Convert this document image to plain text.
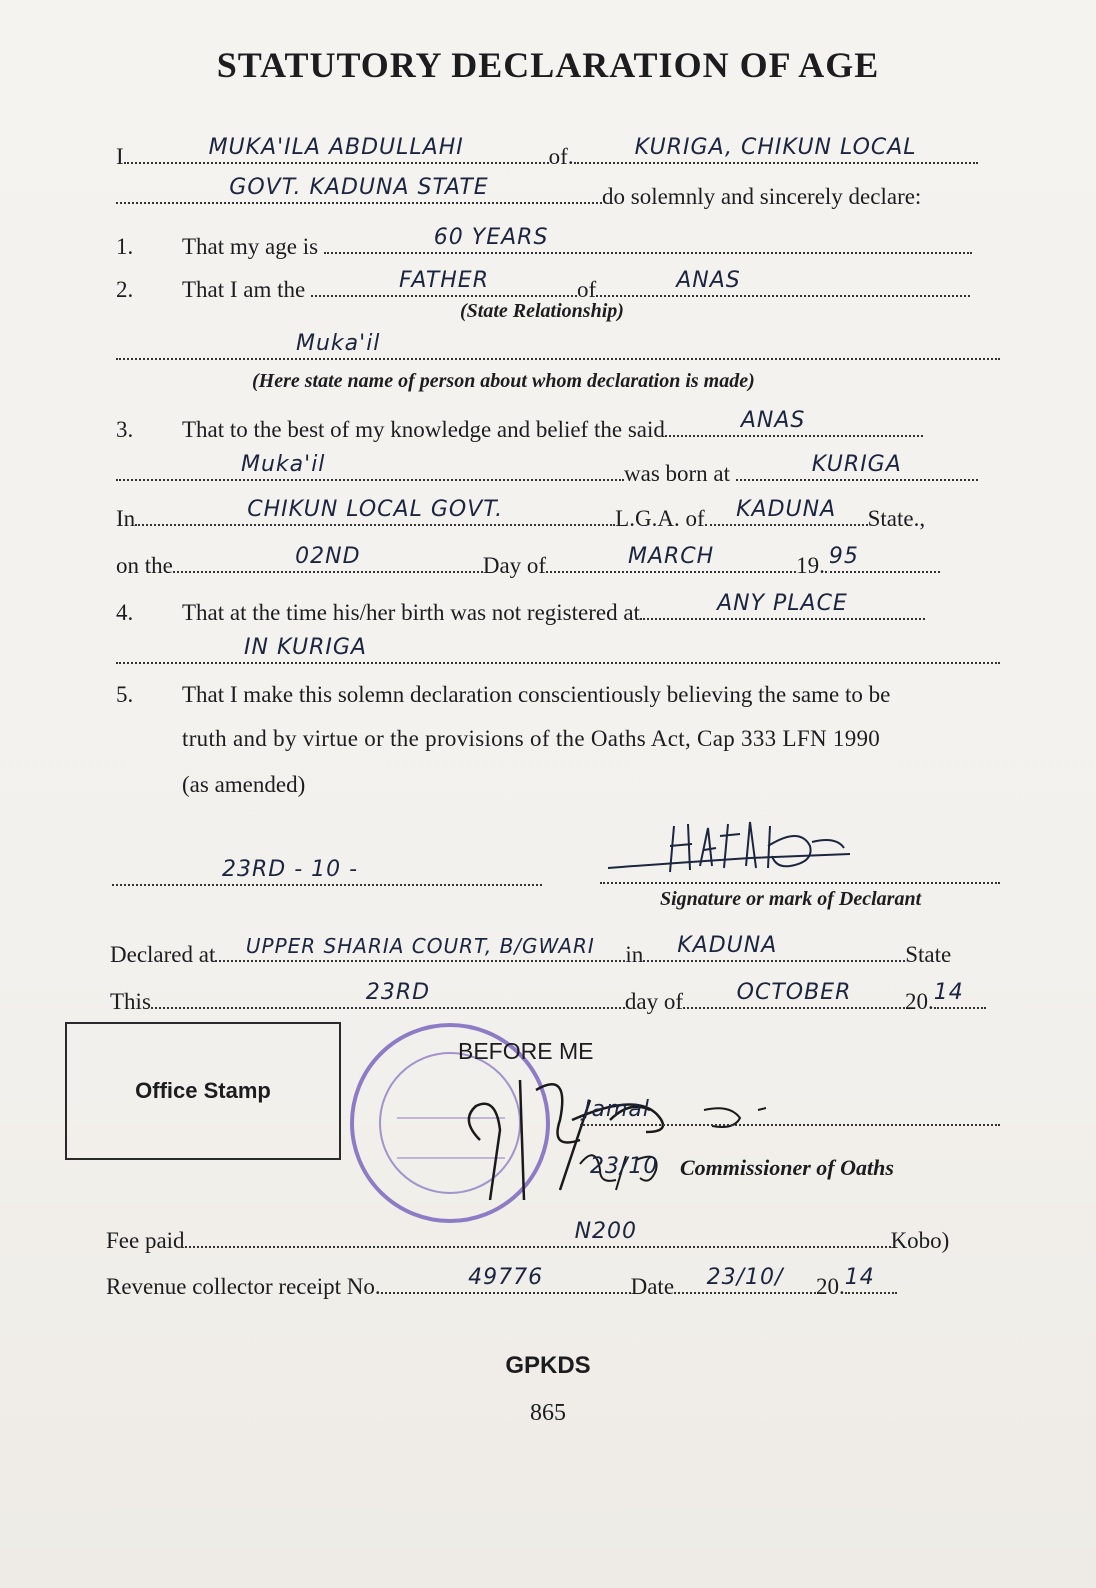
STATUTORY DECLARATION OF AGE
I	MUKA'ILA ABDULLAHI	of.	KURIGA, CHIKUN LOCAL
GOVT. KADUNA STATE	do solemnly and sincerely declare:
1. That my age is	60 YEARS
2. That I am the	FATHER	of	ANAS
(State Relationship)
Muka'il
(Here state name of person about whom declaration is made)
3. That to the best of my knowledge and belief the said	ANAS
Muka'il	was born at	KURIGA
In	CHIKUN LOCAL GOVT.	L.G.A. of	KADUNA	State.,
on the	02ND	Day of	MARCH	19. 95
4. That at the time his/her birth was not registered at	ANY PLACE
IN KURIGA
5. That I make this solemn declaration conscientiously believing the same to be
truth and by virtue or the provisions of the Oaths Act, Cap 333 LFN 1990
(as amended)
23RD - 10 -
Signature or mark of Declarant
Declared at	UPPER SHARIA COURT, B/GWARI	in	KADUNA	State
This	23RD	day of	OCTOBER	20. 14
Office Stamp
BEFORE ME
Jamal
23/10 Commissioner of Oaths
Fee paid	N200	Kobo)
Revenue collector receipt No.	49776	Date	23/10/	20. 14
GPKDS
865
